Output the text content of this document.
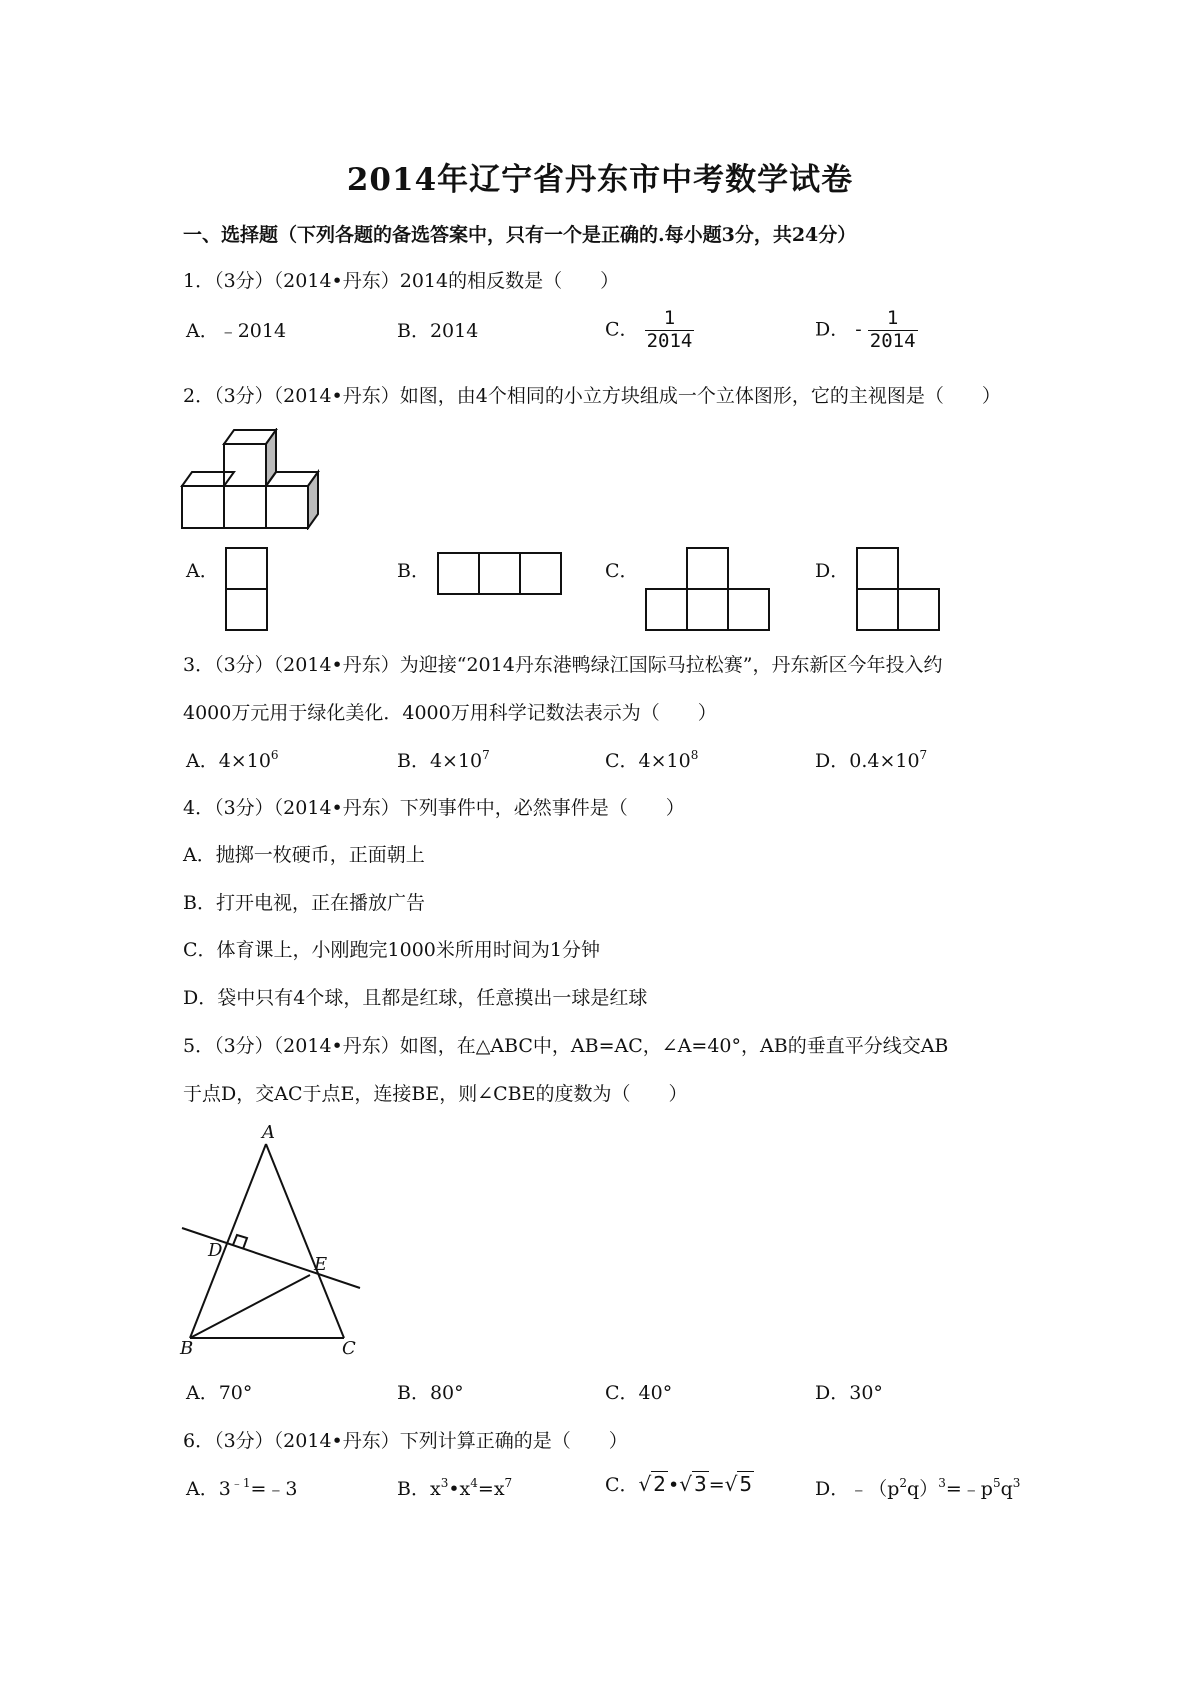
2014年辽宁省丹东市中考数学试卷
一、选择题（下列各题的备选答案中，只有一个是正确的.每小题3分，共24分）
1．（3分）（2014•丹东）2014的相反数是（　　）
A．﹣2014	B．2014	C． $\frac{1}{2014}$	D． - $\frac{1}{2014}$
2．（3分）（2014•丹东）如图，由4个相同的小立方块组成一个立体图形，它的主视图是（　　）
A．	B．	C．	D．
3．（3分）（2014•丹东）为迎接“2014丹东港鸭绿江国际马拉松赛”，丹东新区今年投入约
4000万元用于绿化美化．4000万用科学记数法表示为（　　）
A．$4\times 10^6$	B．$4\times 10^7$	C．$4\times 10^8$	D．$0.4\times 10^7$
4．（3分）（2014•丹东）下列事件中，必然事件是（　　）
A．抛掷一枚硬币，正面朝上
B．打开电视，正在播放广告
C．体育课上，小刚跑完1000米所用时间为1分钟
D．袋中只有4个球，且都是红球，任意摸出一球是红球
5．（3分）（2014•丹东）如图，在△ABC中，AB=AC，∠A=40°，AB的垂直平分线交AB
于点D，交AC于点E，连接BE，则∠CBE的度数为（　　）
A
D
E
B	C
A．70°	B．80°	C．40°	D．30°
6．（3分）（2014•丹东）下列计算正确的是（　　）
A．$3^{﹣1}=﹣3$	B．$x^3•x^4=x^7$	C．√ 2 •√ 3 =√ 5	D．$﹣(p^2q)^3=﹣p^5q^3$
